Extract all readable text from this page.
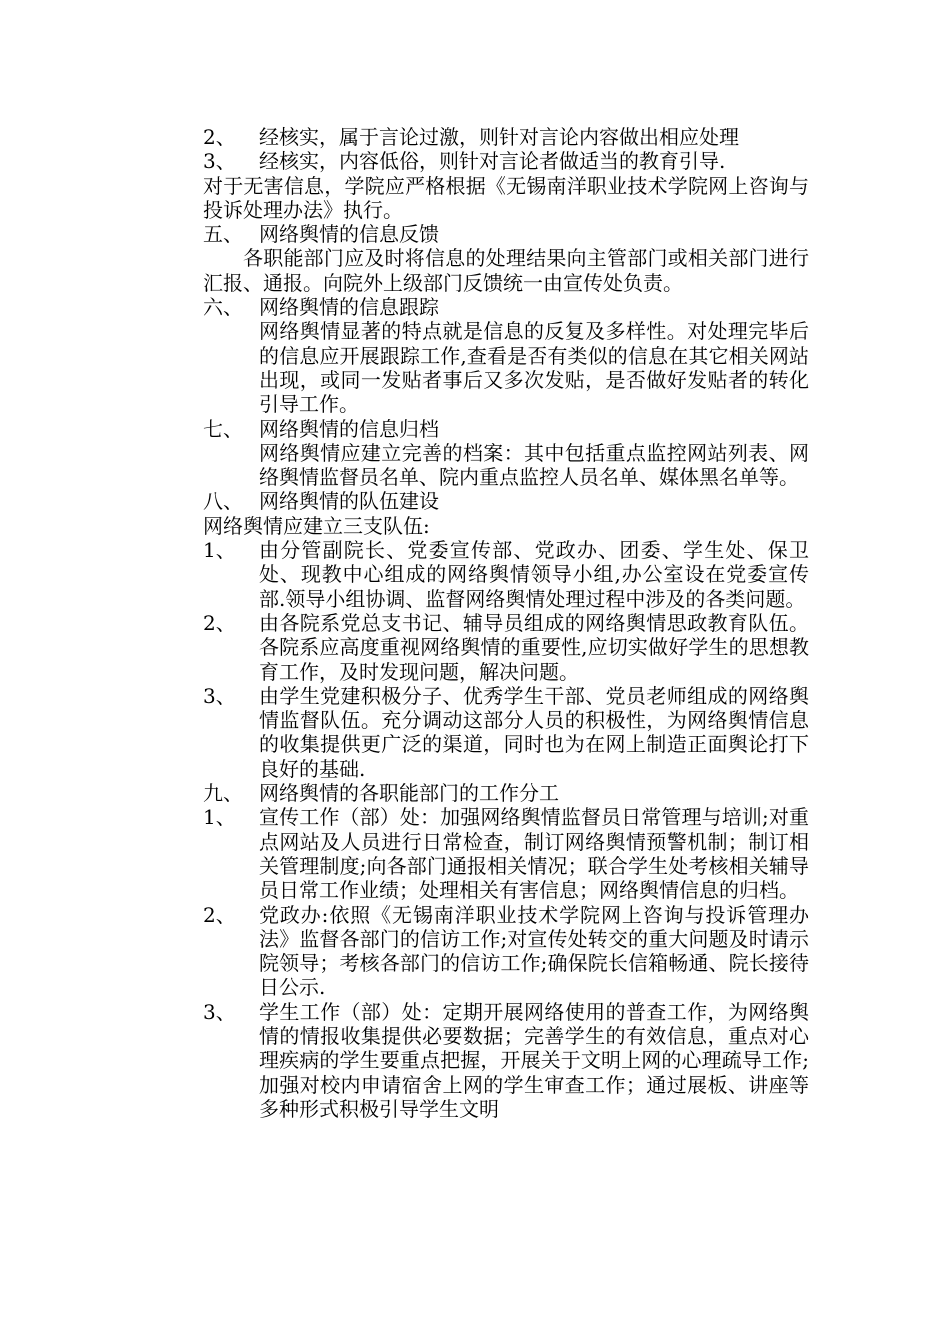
2、	经核实，属于言论过激，则针对言论内容做出相应处理
3、	经核实，内容低俗，则针对言论者做适当的教育引导.

对于无害信息，学院应严格根据《无锡南洋职业技术学院网上咨询与投诉处理办法》执行。

五、 网络舆情的信息反馈

各职能部门应及时将信息的处理结果向主管部门或相关部门进行汇报、通报。向院外上级部门反馈统一由宣传处负责。

六、 网络舆情的信息跟踪

网络舆情显著的特点就是信息的反复及多样性。对处理完毕后的信息应开展跟踪工作,查看是否有类似的信息在其它相关网站出现，或同一发贴者事后又多次发贴，是否做好发贴者的转化引导工作。

七、 网络舆情的信息归档

网络舆情应建立完善的档案：其中包括重点监控网站列表、网络舆情监督员名单、院内重点监控人员名单、媒体黑名单等。

八、 网络舆情的队伍建设

网络舆情应建立三支队伍:

1、	由分管副院长、党委宣传部、党政办、团委、学生处、保卫处、现教中心组成的网络舆情领导小组,办公室设在党委宣传部.领导小组协调、监督网络舆情处理过程中涉及的各类问题。
2、	由各院系党总支书记、辅导员组成的网络舆情思政教育队伍。各院系应高度重视网络舆情的重要性,应切实做好学生的思想教育工作，及时发现问题，解决问题。
3、	由学生党建积极分子、优秀学生干部、党员老师组成的网络舆情监督队伍。充分调动这部分人员的积极性，为网络舆情信息的收集提供更广泛的渠道，同时也为在网上制造正面舆论打下良好的基础.
九、 网络舆情的各职能部门的工作分工
1、	宣传工作（部）处：加强网络舆情监督员日常管理与培训;对重点网站及人员进行日常检查，制订网络舆情预警机制；制订相关管理制度;向各部门通报相关情况；联合学生处考核相关辅导员日常工作业绩；处理相关有害信息；网络舆情信息的归档。
2、	党政办:依照《无锡南洋职业技术学院网上咨询与投诉管理办法》监督各部门的信访工作;对宣传处转交的重大问题及时请示院领导；考核各部门的信访工作;确保院长信箱畅通、院长接待日公示.
3、	学生工作（部）处：定期开展网络使用的普查工作，为网络舆情的情报收集提供必要数据；完善学生的有效信息，重点对心理疾病的学生要重点把握，开展关于文明上网的心理疏导工作;加强对校内申请宿舍上网的学生审查工作；通过展板、讲座等多种形式积极引导学生文明
